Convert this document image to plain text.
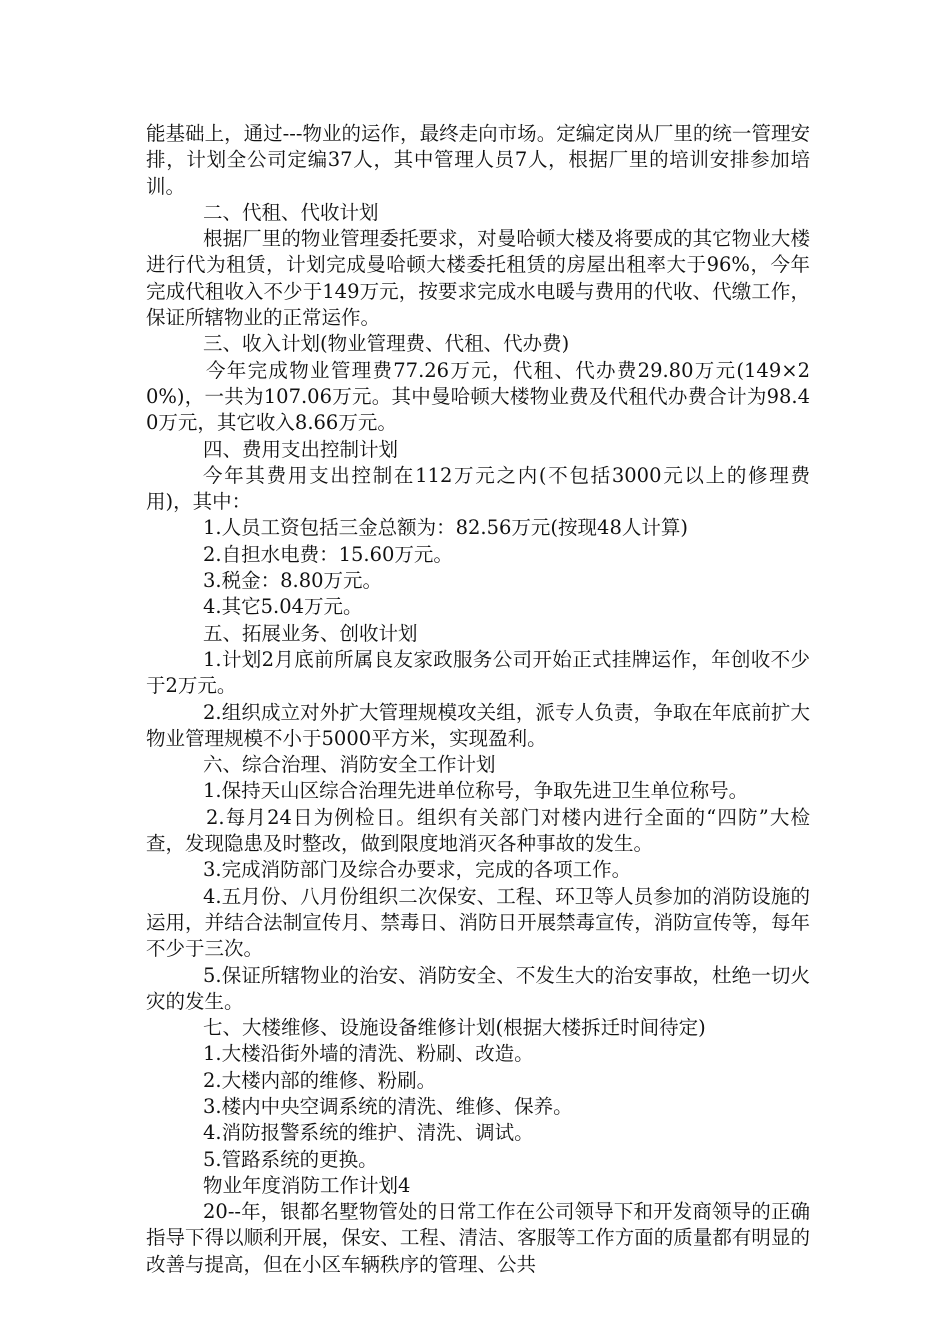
能基础上，通过---物业的运作，最终走向市场。定编定岗从厂里的统一管理安排，计划全公司定编37人，其中管理人员7人，根据厂里的培训安排参加培训。

二、代租、代收计划

根据厂里的物业管理委托要求，对曼哈顿大楼及将要成的其它物业大楼进行代为租赁，计划完成曼哈顿大楼委托租赁的房屋出租率大于96%，今年完成代租收入不少于149万元，按要求完成水电暖与费用的代收、代缴工作，保证所辖物业的正常运作。

三、收入计划(物业管理费、代租、代办费)

今年完成物业管理费77.26万元，代租、代办费29.80万元(149×20%)，一共为107.06万元。其中曼哈顿大楼物业费及代租代办费合计为98.40万元，其它收入8.66万元。

四、费用支出控制计划

今年其费用支出控制在112万元之内(不包括3000元以上的修理费用)，其中：

1.人员工资包括三金总额为：82.56万元(按现48人计算)

2.自担水电费：15.60万元。

3.税金：8.80万元。

4.其它5.04万元。

五、拓展业务、创收计划

1.计划2月底前所属良友家政服务公司开始正式挂牌运作，年创收不少于2万元。

2.组织成立对外扩大管理规模攻关组，派专人负责，争取在年底前扩大物业管理规模不小于5000平方米，实现盈利。

六、综合治理、消防安全工作计划

1.保持天山区综合治理先进单位称号，争取先进卫生单位称号。

2.每月24日为例检日。组织有关部门对楼内进行全面的“四防”大检查，发现隐患及时整改，做到限度地消灭各种事故的发生。

3.完成消防部门及综合办要求，完成的各项工作。

4.五月份、八月份组织二次保安、工程、环卫等人员参加的消防设施的运用，并结合法制宣传月、禁毒日、消防日开展禁毒宣传，消防宣传等，每年不少于三次。

5.保证所辖物业的治安、消防安全、不发生大的治安事故，杜绝一切火灾的发生。

七、大楼维修、设施设备维修计划(根据大楼拆迁时间待定)

1.大楼沿街外墙的清洗、粉刷、改造。

2.大楼内部的维修、粉刷。

3.楼内中央空调系统的清洗、维修、保养。

4.消防报警系统的维护、清洗、调试。

5.管路系统的更换。

物业年度消防工作计划4

20--年，银都名墅物管处的日常工作在公司领导下和开发商领导的正确指导下得以顺利开展，保安、工程、清洁、客服等工作方面的质量都有明显的改善与提高，但在小区车辆秩序的管理、公共
